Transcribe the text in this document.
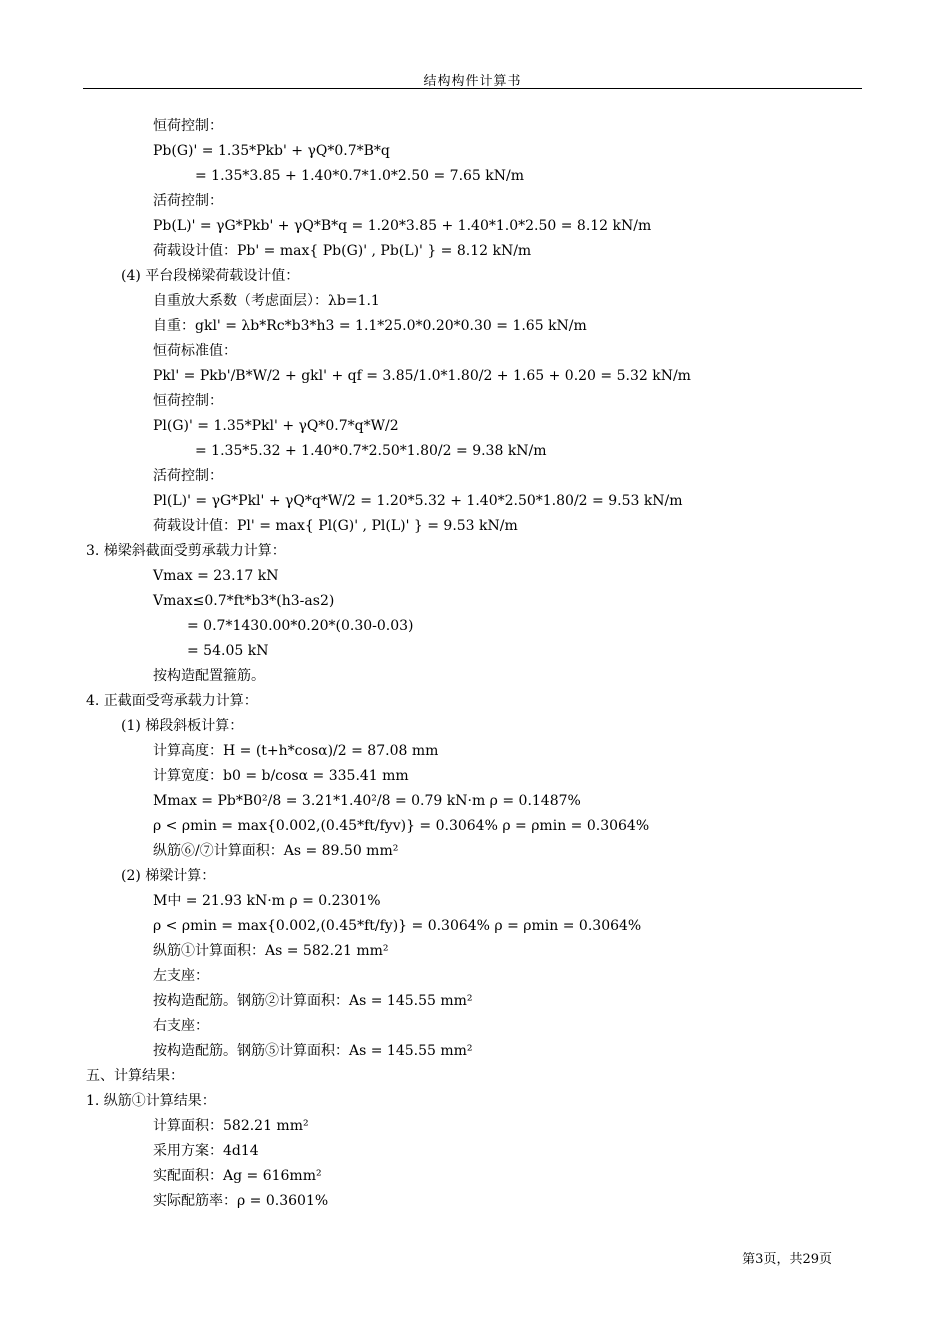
结构构件计算书
恒荷控制：
Pb(G)' = 1.35*Pkb' + γQ*0.7*B*q
= 1.35*3.85 + 1.40*0.7*1.0*2.50 = 7.65 kN/m
活荷控制：
Pb(L)' = γG*Pkb' + γQ*B*q = 1.20*3.85 + 1.40*1.0*2.50 = 8.12 kN/m
荷载设计值：Pb' = max{ Pb(G)' , Pb(L)' } = 8.12 kN/m
(4) 平台段梯梁荷载设计值：
自重放大系数（考虑面层）：λb=1.1
自重：gkl' = λb*Rc*b3*h3 = 1.1*25.0*0.20*0.30 = 1.65 kN/m
恒荷标准值：
Pkl' = Pkb'/B*W/2 + gkl' + qf = 3.85/1.0*1.80/2 + 1.65 + 0.20 = 5.32 kN/m
恒荷控制：
Pl(G)' = 1.35*Pkl' + γQ*0.7*q*W/2
= 1.35*5.32 + 1.40*0.7*2.50*1.80/2 = 9.38 kN/m
活荷控制：
Pl(L)' = γG*Pkl' + γQ*q*W/2 = 1.20*5.32 + 1.40*2.50*1.80/2 = 9.53 kN/m
荷载设计值：Pl' = max{ Pl(G)' , Pl(L)' } = 9.53 kN/m
3. 梯梁斜截面受剪承载力计算：
Vmax = 23.17 kN
Vmax≤0.7*ft*b3*(h3-as2)
= 0.7*1430.00*0.20*(0.30-0.03)
= 54.05 kN
按构造配置箍筋。
4. 正截面受弯承载力计算：
(1) 梯段斜板计算：
计算高度：H = (t+h*cosα)/2 = 87.08 mm
计算宽度：b0 = b/cosα = 335.41 mm
Mmax = Pb*B0²/8 = 3.21*1.40²/8 = 0.79 kN·m ρ = 0.1487%
ρ < ρmin = max{0.002,(0.45*ft/fyv)} = 0.3064% ρ = ρmin = 0.3064%
纵筋⑥/⑦计算面积：As = 89.50 mm²
(2) 梯梁计算：
M中 = 21.93 kN·m ρ = 0.2301%
ρ < ρmin = max{0.002,(0.45*ft/fy)} = 0.3064% ρ = ρmin = 0.3064%
纵筋①计算面积：As = 582.21 mm²
左支座：
按构造配筋。钢筋②计算面积：As = 145.55 mm²
右支座：
按构造配筋。钢筋⑤计算面积：As = 145.55 mm²
五、计算结果：
1. 纵筋①计算结果：
计算面积：582.21 mm²
采用方案：4d14
实配面积：Ag = 616mm²
实际配筋率：ρ = 0.3601%
第3页，共29页
